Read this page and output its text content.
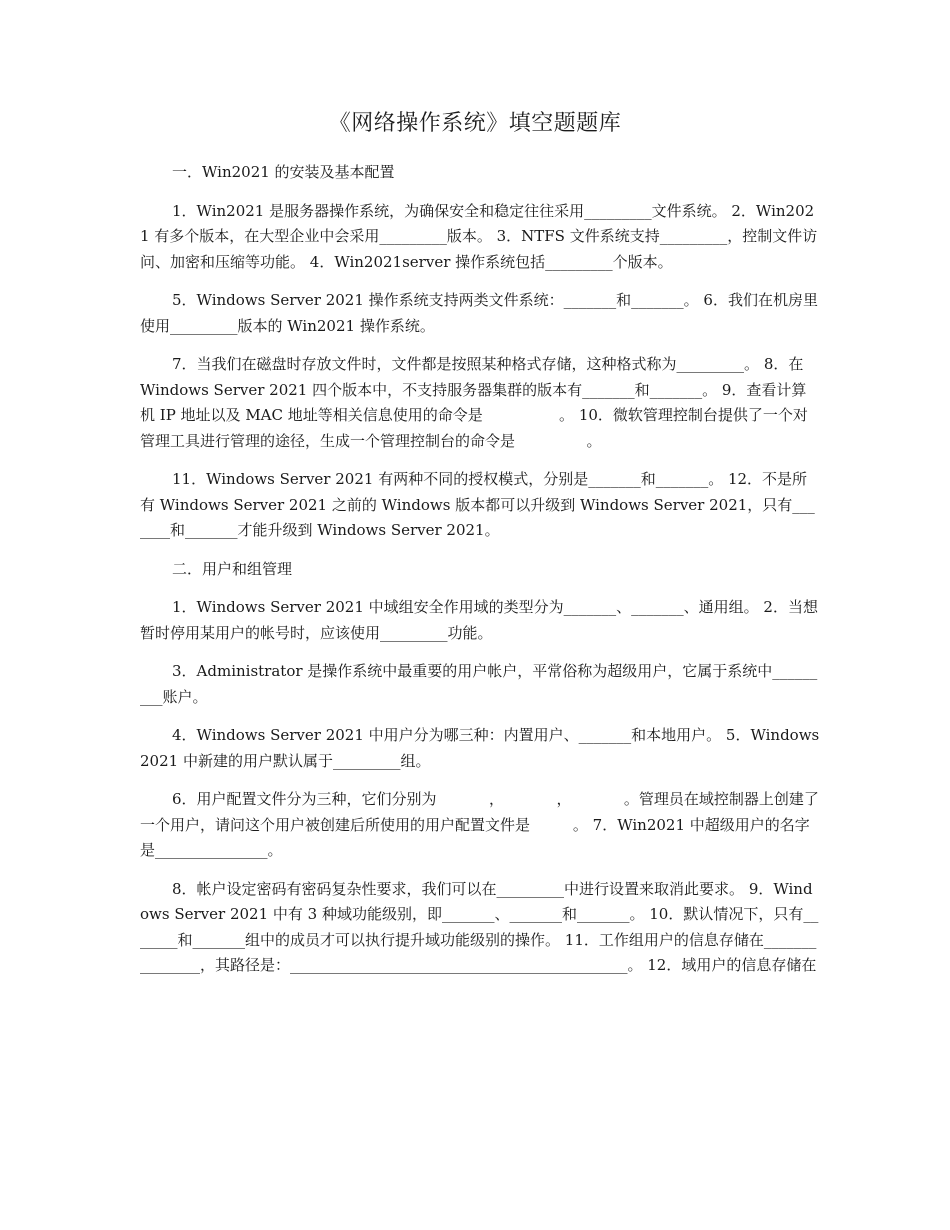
《网络操作系统》填空题题库
一．Win2021 的安装及基本配置

1．Win2021 是服务器操作系统，为确保安全和稳定往往采用_________文件系统。 2．Win2021 有多个版本，在大型企业中会采用_________版本。 3．NTFS 文件系统支持_________，控制文件访问、加密和压缩等功能。 4．Win2021server 操作系统包括_________个版本。

5．Windows Server 2021 操作系统支持两类文件系统：_______和_______。 6．我们在机房里使用_________版本的 Win2021 操作系统。

7．当我们在磁盘时存放文件时，文件都是按照某种格式存储，这种格式称为_________。 8．在 Windows Server 2021 四个版本中，不支持服务器集群的版本有_______和_______。 9．查看计算机 IP 地址以及 MAC 地址等相关信息使用的命令是                。 10．微软管理控制台提供了一个对管理工具进行管理的途径，生成一个管理控制台的命令是               。

11．Windows Server 2021 有两种不同的授权模式，分别是_______和_______。 12．不是所有 Windows Server 2021 之前的 Windows 版本都可以升级到 Windows Server 2021，只有_______和_______才能升级到 Windows Server 2021。

二．用户和组管理

1．Windows Server 2021 中域组安全作用域的类型分为_______、_______、通用组。 2．当想暂时停用某用户的帐号时，应该使用_________功能。

3．Administrator 是操作系统中最重要的用户帐户，平常俗称为超级用户，它属于系统中_________账户。

4．Windows Server 2021 中用户分为哪三种：内置用户、_______和本地用户。 5．Windows2021 中新建的用户默认属于_________组。

6．用户配置文件分为三种，它们分别为           ，           ，           。管理员在域控制器上创建了一个用户，请问这个用户被创建后所使用的用户配置文件是         。 7．Win2021 中超级用户的名字是_______________。

8．帐户设定密码有密码复杂性要求，我们可以在_________中进行设置来取消此要求。 9．Windows Server 2021 中有 3 种域功能级别，即_______、_______和_______。 10．默认情况下，只有_______和_______组中的成员才可以执行提升域功能级别的操作。 11．工作组用户的信息存储在_______________，其路径是：_____________________________________________。 12．域用户的信息存储在
